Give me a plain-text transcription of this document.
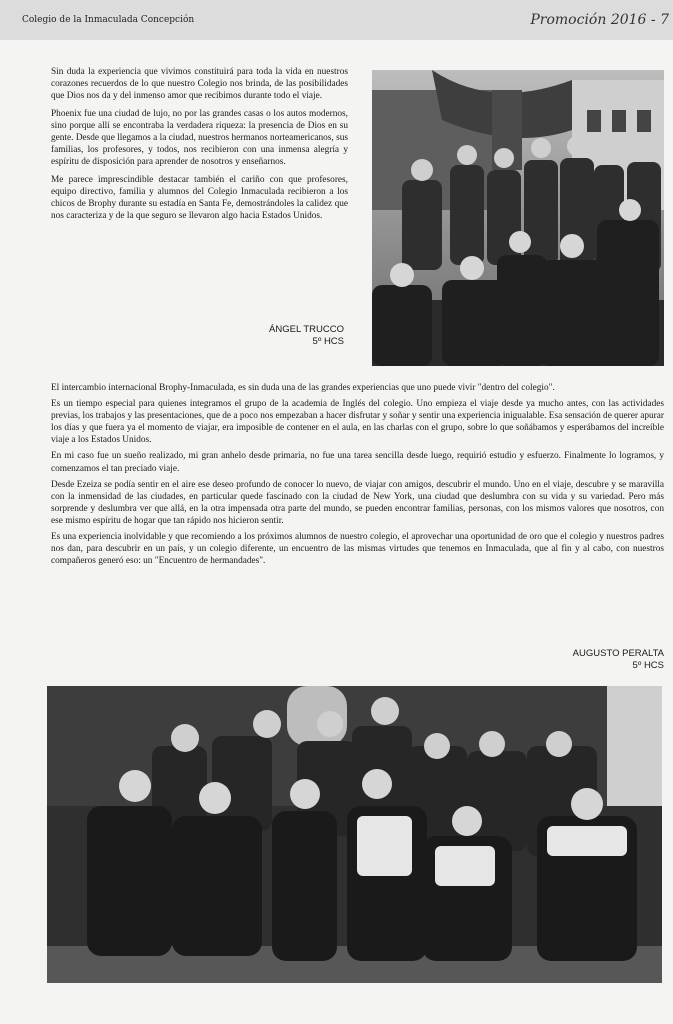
Colegio de la Inmaculada Concepción	Promoción 2016 - 7

Sin duda la experiencia que vivimos constituirá para toda la vida en nuestros corazones recuerdos de lo que nuestro Colegio nos brinda, de las posibilidades que Dios nos da y del inmenso amor que recibimos durante todo el viaje.

Phoenix fue una ciudad de lujo, no por las grandes casas o los autos modernos, sino porque allí se encontraba la verdadera riqueza: la presencia de Dios en su gente. Desde que llegamos a la ciudad, nuestros hermanos norteamericanos, sus familias, los profesores, y todos, nos recibieron con una inmensa alegría y espíritu de disposición para aprender de nosotros y enseñarnos.

Me parece imprescindible destacar también el cariño con que profesores, equipo directivo, familia y alumnos del Colegio Inmaculada recibieron a los chicos de Brophy durante su estadía en Santa Fe, demostrándoles la calidez que nos caracteriza y de la que seguro se llevaron algo hacia Estados Unidos.

ÁNGEL TRUCCO
5º HCS

El intercambio internacional Brophy-Inmaculada, es sin duda una de las grandes experiencias que uno puede vivir "dentro del colegio".

Es un tiempo especial para quienes integramos el grupo de la academia de Inglés del colegio. Uno empieza el viaje desde ya mucho antes, con las actividades previas, los trabajos y las presentaciones, que de a poco nos empezaban a hacer disfrutar y soñar y sentir una experiencia inigualable. Esa sensación de querer apurar los días y que fuera ya el momento de viajar, era imposible de contener en el aula, en las charlas con el grupo, sobre lo que soñábamos y esperábamos del increíble viaje a los Estados Unidos.

En mi caso fue un sueño realizado, mi gran anhelo desde primaria, no fue una tarea sencilla desde luego, requirió estudio y esfuerzo. Finalmente lo logramos, y comenzamos el tan preciado viaje.

Desde Ezeiza se podía sentir en el aire ese deseo profundo de conocer lo nuevo, de viajar con amigos, descubrir el mundo. Uno en el viaje, descubre y se maravilla con la inmensidad de las ciudades, en particular quede fascinado con la ciudad de New York, una ciudad que deslumbra con su vida y su variedad. Pero más sorprende y deslumbra ver que allá, en la otra impensada otra parte del mundo, se pueden encontrar familias, personas, con los mismos valores que nosotros, con ese mismo espíritu de hogar que tan rápido nos hicieron sentir.

Es una experiencia inolvidable y que recomiendo a los próximos alumnos de nuestro colegio, el aprovechar una oportunidad de oro que el colegio y nuestros padres nos dan, para descubrir en un país, y un colegio diferente, un encuentro de las mismas virtudes que tenemos en Inmaculada, que al fin y al cabo, con nuestros compañeros generó eso: un "Encuentro de hermandades".

AUGUSTO PERALTA
5º HCS
